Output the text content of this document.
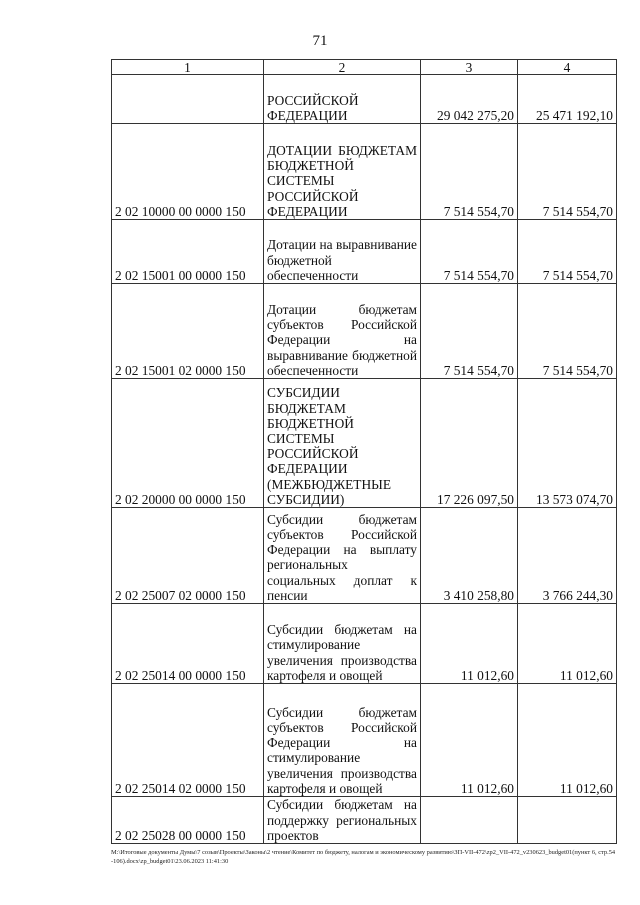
71
1	2	3	4
	РОССИЙСКОЙ ФЕДЕРАЦИИ	29 042 275,20	25 471 192,10
2 02 10000 00 0000 150	ДОТАЦИИ БЮДЖЕТАМ БЮДЖЕТНОЙ СИСТЕМЫ РОССИЙСКОЙ ФЕДЕРАЦИИ	7 514 554,70	7 514 554,70
2 02 15001 00 0000 150	Дотации на выравнивание бюджетной обеспеченности	7 514 554,70	7 514 554,70
2 02 15001 02 0000 150	Дотации бюджетам субъектов Российской Федерации на выравнивание бюджетной обеспеченности	7 514 554,70	7 514 554,70
2 02 20000 00 0000 150	СУБСИДИИ БЮДЖЕТАМ БЮДЖЕТНОЙ СИСТЕМЫ РОССИЙСКОЙ ФЕДЕРАЦИИ (МЕЖБЮДЖЕТНЫЕ СУБСИДИИ)	17 226 097,50	13 573 074,70
2 02 25007 02 0000 150	Субсидии бюджетам субъектов Российской Федерации на выплату региональных социальных доплат к пенсии	3 410 258,80	3 766 244,30
2 02 25014 00 0000 150	Субсидии бюджетам на стимулирование увеличения производства картофеля и овощей	11 012,60	11 012,60
2 02 25014 02 0000 150	Субсидии бюджетам субъектов Российской Федерации на стимулирование увеличения производства картофеля и овощей	11 012,60	11 012,60
2 02 25028 00 0000 150	Субсидии бюджетам на поддержку региональных проектов		
M:\Итоговые документы Думы\7 созыв\Проекты\Законы\2 чтение\Комитет по бюджету, налогам и экономическому развитию\ЗП-VII-472\zp2_VII-472_v230623_budget01(пункт 6, стр.54-106).docx\zp_budget01\23.06.2023 11:41:30
